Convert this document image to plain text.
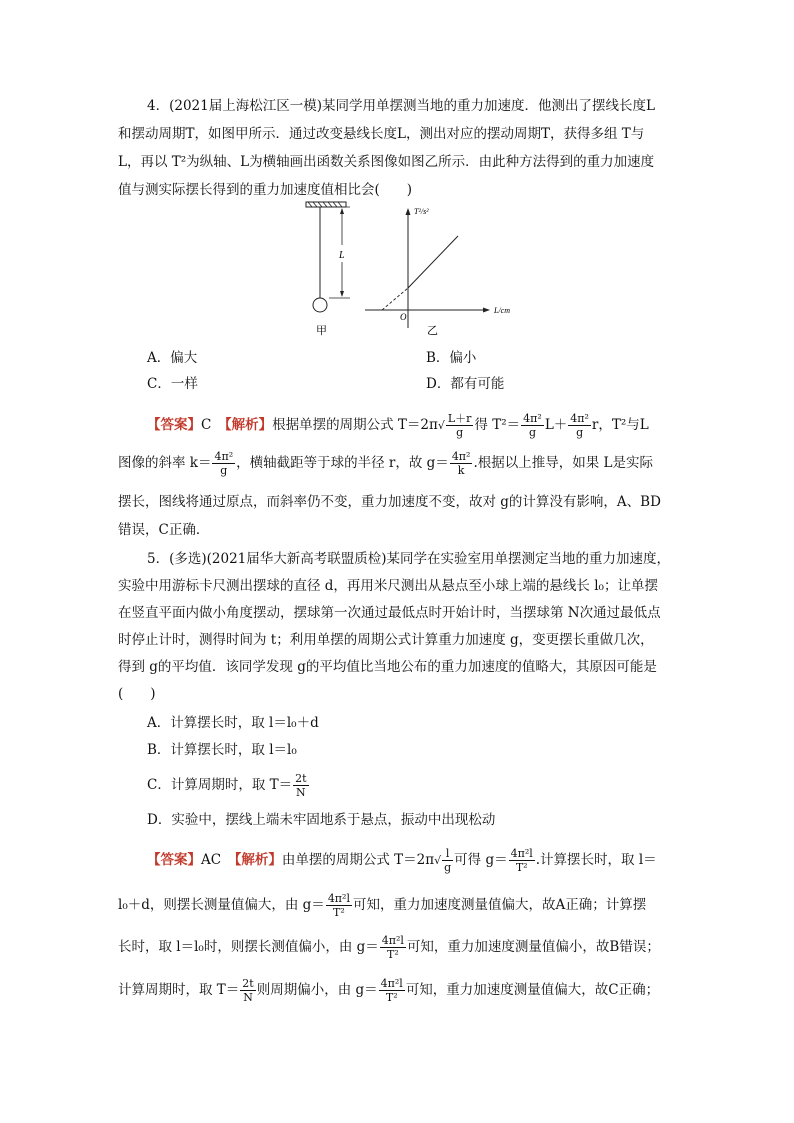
4．(2021届上海松江区一模)某同学用单摆测当地的重力加速度．他测出了摆线长度L
和摆动周期T，如图甲所示．通过改变悬线长度L，测出对应的摆动周期T，获得多组 T与
L，再以 T²为纵轴、L为横轴画出函数关系图像如图乙所示．由此种方法得到的重力加速度
值与测实际摆长得到的重力加速度值相比会(　　)
L
甲
T²/s²
L/cm
O
乙
A．偏大	B．偏小
C．一样	D．都有可能
【答案】C　 【解析】根据单摆的周期公式 $T=2\pi√ \frac{L+r}{g}$ 得 $T^2= \frac{\text{4π²}}{g} L+ \frac{\text{4π²}}{g}$ r，T²与L
图像的斜率 $k= \frac{\text{4π²}}{g}$ ，横轴截距等于球的半径 r，故 $g= \frac{\text{4π²}}{k}$ .根据以上推导，如果 L是实际
摆长，图线将通过原点，而斜率仍不变，重力加速度不变，故对 g的计算没有影响，A、BD
错误，C正确．
5．(多选)(2021届华大新高考联盟质检)某同学在实验室用单摆测定当地的重力加速度，
实验中用游标卡尺测出摆球的直径 d，再用米尺测出从悬点至小球上端的悬线长 l₀；让单摆
在竖直平面内做小角度摆动，摆球第一次通过最低点时开始计时，当摆球第 N次通过最低点
时停止计时，测得时间为 t；利用单摆的周期公式计算重力加速度 g，变更摆长重做几次，
得到 g的平均值．该同学发现 g的平均值比当地公布的重力加速度的值略大，其原因可能是
(　　)
A．计算摆长时，取 l＝l₀＋d
B．计算摆长时，取 l＝l₀
C．计算周期时，取 $T= \frac{2t}{N}$
D．实验中，摆线上端未牢固地系于悬点，振动中出现松动
【答案】AC　 【解析】由单摆的周期公式 $T=2\pi√ \frac{l}{g}$ 可得 $g= \frac{\text{4π²l}}{\text{T²}}$ .计算摆长时，取 l＝
l₀＋d，则摆长测量值偏大，由 $g= \frac{\text{4π²l}}{\text{T²}}$ 可知，重力加速度测量值偏大，故A正确；计算摆
长时，取 l＝l₀时，则摆长测值偏小，由 $g= \frac{\text{4π²l}}{\text{T²}}$ 可知，重力加速度测量值偏小，故B错误；
计算周期时，取 $T= \frac{2t}{N}$ 则周期偏小，由 $g= \frac{\text{4π²l}}{\text{T²}}$ 可知，重力加速度测量值偏大，故C正确；
